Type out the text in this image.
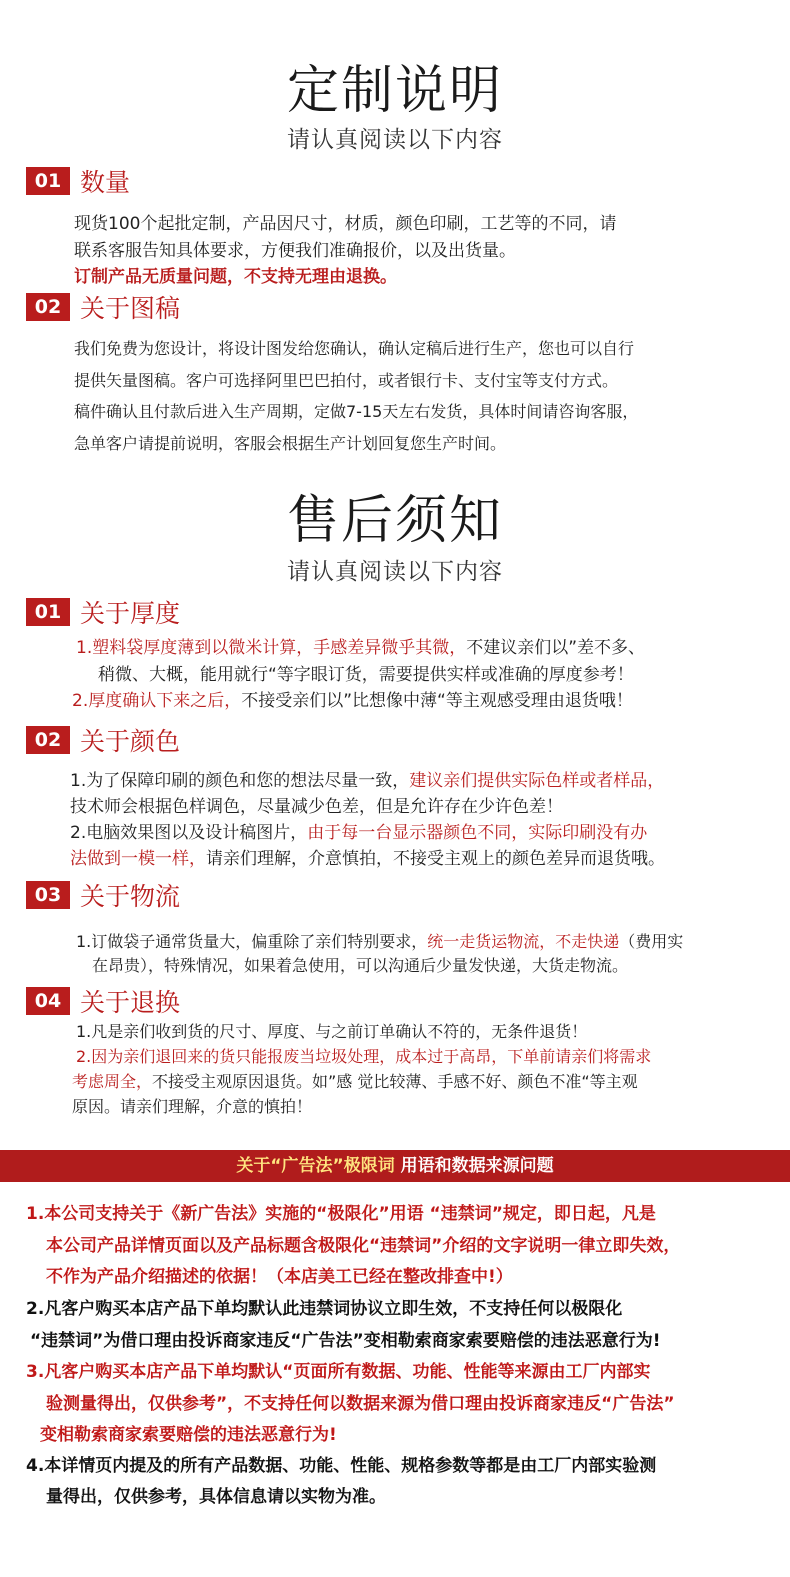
定制说明
请认真阅读以下内容
01 数量
现货100个起批定制，产品因尺寸，材质，颜色印刷，工艺等的不同，请
联系客服告知具体要求，方便我们准确报价，以及出货量。
订制产品无质量问题，不支持无理由退换。
02 关于图稿
我们免费为您设计，将设计图发给您确认，确认定稿后进行生产，您也可以自行
提供矢量图稿。客户可选择阿里巴巴拍付，或者银行卡、支付宝等支付方式。
稿件确认且付款后进入生产周期，定做7-15天左右发货，具体时间请咨询客服，
急单客户请提前说明，客服会根据生产计划回复您生产时间。
售后须知
请认真阅读以下内容
01 关于厚度
1.塑料袋厚度薄到以微米计算，手感差异微乎其微，不建议亲们以”差不多、
稍微、大概，能用就行“等字眼订货，需要提供实样或准确的厚度参考！
2.厚度确认下来之后，不接受亲们以”比想像中薄“等主观感受理由退货哦！
02 关于颜色
1.为了保障印刷的颜色和您的想法尽量一致，建议亲们提供实际色样或者样品，
技术师会根据色样调色，尽量减少色差，但是允许存在少许色差！
2.电脑效果图以及设计稿图片，由于每一台显示器颜色不同，实际印刷没有办
法做到一模一样，请亲们理解，介意慎拍，不接受主观上的颜色差异而退货哦。
03 关于物流
1.订做袋子通常货量大，偏重除了亲们特别要求，统一走货运物流，不走快递（费用实
在昂贵），特殊情况，如果着急使用，可以沟通后少量发快递，大货走物流。
04 关于退换
1.凡是亲们收到货的尺寸、厚度、与之前订单确认不符的，无条件退货！
2.因为亲们退回来的货只能报废当垃圾处理，成本过于高昂，下单前请亲们将需求
考虑周全，不接受主观原因退货。如”感 觉比较薄、手感不好、颜色不准“等主观
原因。请亲们理解，介意的慎拍！
关于“广告法”极限词 用语和数据来源问题
1.本公司支持关于《新广告法》实施的“极限化”用语 “违禁词”规定，即日起，凡是
本公司产品详情页面以及产品标题含极限化“违禁词”介绍的文字说明一律立即失效，
不作为产品介绍描述的依据！（本店美工已经在整改排查中!）
2.凡客户购买本店产品下单均默认此违禁词协议立即生效，不支持任何以极限化
“违禁词”为借口理由投诉商家违反“广告法”变相勒索商家索要赔偿的违法恶意行为!
3.凡客户购买本店产品下单均默认“页面所有数据、功能、性能等来源由工厂内部实
验测量得出，仅供参考”，不支持任何以数据来源为借口理由投诉商家违反“广告法”
变相勒索商家索要赔偿的违法恶意行为!
4.本详情页内提及的所有产品数据、功能、性能、规格参数等都是由工厂内部实验测
量得出，仅供参考，具体信息请以实物为准。
